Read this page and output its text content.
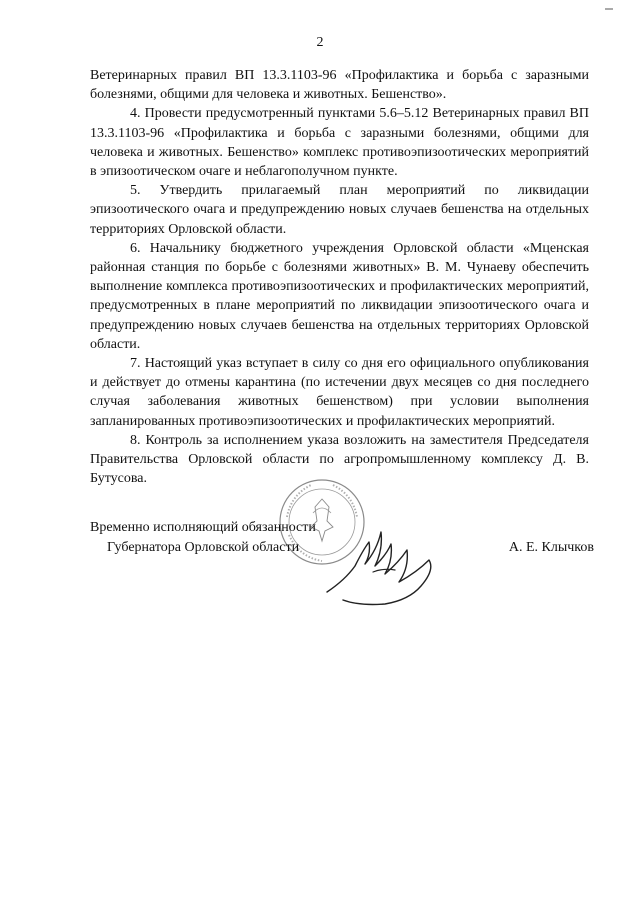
2

Ветеринарных правил ВП 13.3.1103-96 «Профилактика и борьба с заразными болезнями, общими для человека и животных. Бешенство».

4. Провести предусмотренный пунктами 5.6–5.12 Ветеринарных правил ВП 13.3.1103-96 «Профилактика и борьба с заразными болезнями, общими для человека и животных. Бешенство» комплекс противоэпизоотических мероприятий в эпизоотическом очаге и неблагополучном пункте.

5. Утвердить прилагаемый план мероприятий по ликвидации эпизоотического очага и предупреждению новых случаев бешенства на отдельных территориях Орловской области.

6. Начальнику бюджетного учреждения Орловской области «Мценская районная станция по борьбе с болезнями животных» В. М. Чунаеву обеспечить выполнение комплекса противоэпизоотических и профилактических мероприятий, предусмотренных в плане мероприятий по ликвидации эпизоотического очага и предупреждению новых случаев бешенства на отдельных территориях Орловской области.

7. Настоящий указ вступает в силу со дня его официального опубликования и действует до отмены карантина (по истечении двух месяцев со дня последнего случая заболевания животных бешенством) при условии выполнения запланированных противоэпизоотических и профилактических мероприятий.

8. Контроль за исполнением указа возложить на заместителя Председателя Правительства Орловской области по агропромышленному комплексу Д. В. Бутусова.

Временно исполняющий обязанности
Губернатора Орловской области	А. Е. Клычков
